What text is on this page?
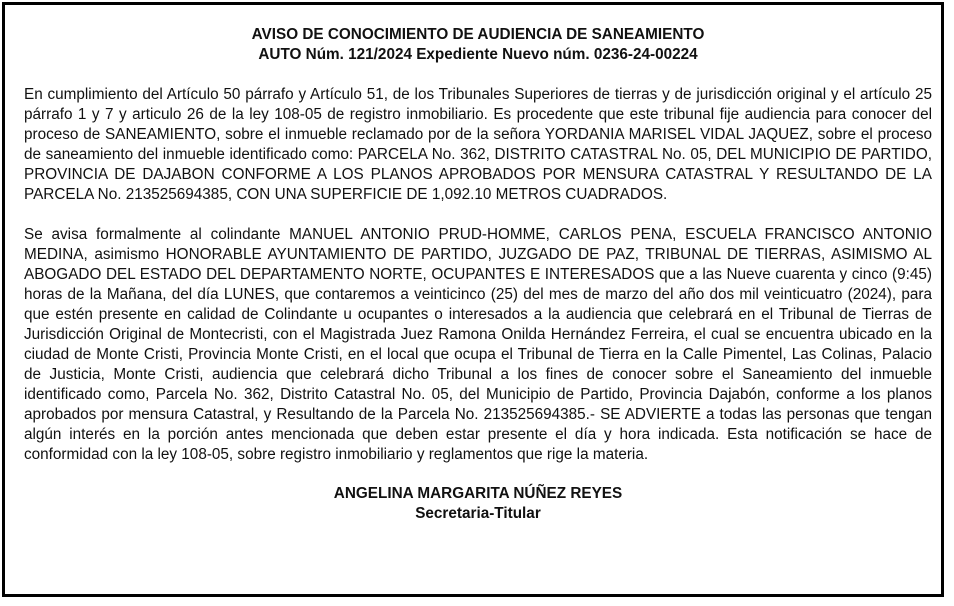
AVISO DE CONOCIMIENTO DE AUDIENCIA DE SANEAMIENTO
AUTO Núm. 121/2024 Expediente Nuevo núm. 0236-24-00224

En cumplimiento del Artículo 50 párrafo y Artículo 51, de los Tribunales Superiores de tierras y de jurisdicción original y el artículo 25 párrafo 1 y 7 y articulo 26 de la ley 108-05 de registro inmobiliario. Es procedente que este tribunal fije audiencia para conocer del proceso de SANEAMIENTO, sobre el inmueble reclamado por de la señora YORDANIA MARISEL VIDAL JAQUEZ, sobre el proceso de saneamiento del inmueble identificado como: PARCELA No. 362, DISTRITO CATASTRAL No. 05, DEL MUNICIPIO DE PARTIDO, PROVINCIA DE DAJABON CONFORME A LOS PLANOS APROBADOS POR MENSURA CATASTRAL Y RESULTANDO DE LA PARCELA No. 213525694385, CON UNA SUPERFICIE DE 1,092.10 METROS CUADRADOS.

Se avisa formalmente al colindante MANUEL ANTONIO PRUD-HOMME, CARLOS PENA, ESCUELA FRANCISCO ANTONIO MEDINA, asimismo HONORABLE AYUNTAMIENTO DE PARTIDO, JUZGADO DE PAZ, TRIBUNAL DE TIERRAS, ASIMISMO AL ABOGADO DEL ESTADO DEL DEPARTAMENTO NORTE, OCUPANTES E INTERESADOS que a las Nueve cuarenta y cinco (9:45) horas de la Mañana, del día LUNES, que contaremos a veinticinco (25) del mes de marzo del año dos mil veinticuatro (2024), para que estén presente en calidad de Colindante u ocupantes o interesados a la audiencia que celebrará en el Tribunal de Tierras de Jurisdicción Original de Montecristi, con el Magistrada Juez Ramona Onilda Hernández Ferreira, el cual se encuentra ubicado en la ciudad de Monte Cristi, Provincia Monte Cristi, en el local que ocupa el Tribunal de Tierra en la Calle Pimentel, Las Colinas, Palacio de Justicia, Monte Cristi, audiencia que celebrará dicho Tribunal a los fines de conocer sobre el Saneamiento del inmueble identificado como, Parcela No. 362, Distrito Catastral No. 05, del Municipio de Partido, Provincia Dajabón, conforme a los planos aprobados por mensura Catastral, y Resultando de la Parcela No. 213525694385.- SE ADVIERTE a todas las personas que tengan algún interés en la porción antes mencionada que deben estar presente el día y hora indicada. Esta notificación se hace de conformidad con la ley 108-05, sobre registro inmobiliario y reglamentos que rige la materia.

ANGELINA MARGARITA NÚÑEZ REYES
Secretaria-Titular
